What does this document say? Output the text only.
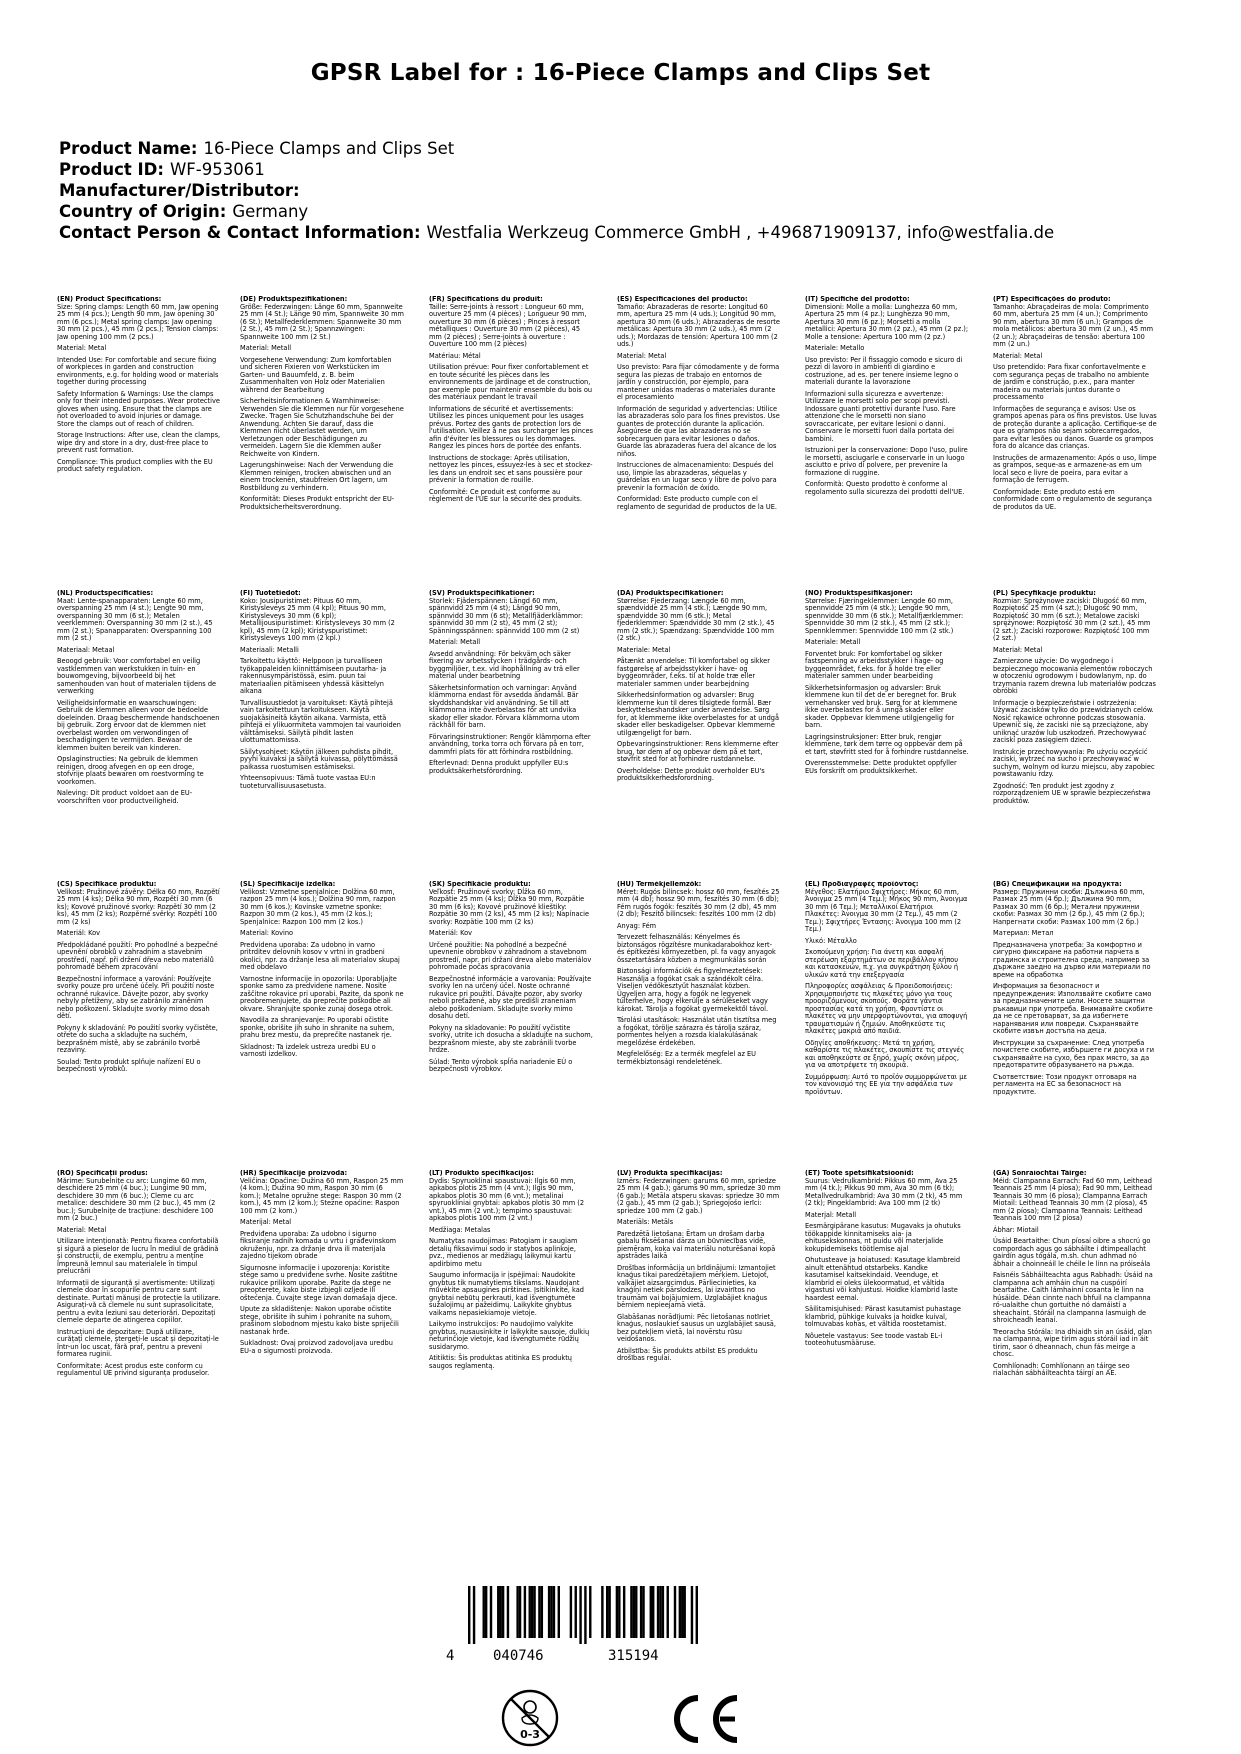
GPSR Label for : 16-Piece Clamps and Clips Set
Product Name: 16-Piece Clamps and Clips Set
Product ID: WF-953061
Manufacturer/Distributor:
Country of Origin: Germany
Contact Person & Contact Information: Westfalia Werkzeug Commerce GmbH , +496871909137, info@westfalia.de
(EN) Product Specifications:

Size: Spring clamps: Length 60 mm, Jaw opening 25 mm (4 pcs.); Length 90 mm, Jaw opening 30 mm (6 pcs.); Metal spring clamps: Jaw opening 30 mm (2 pcs.), 45 mm (2 pcs.); Tension clamps: Jaw opening 100 mm (2 pcs.)

Material: Metal

Intended Use: For comfortable and secure fixing of workpieces in garden and construction environments, e.g. for holding wood or materials together during processing

Safety Information & Warnings: Use the clamps only for their intended purposes. Wear protective gloves when using. Ensure that the clamps are not overloaded to avoid injuries or damage. Store the clamps out of reach of children.

Storage Instructions: After use, clean the clamps, wipe dry and store in a dry, dust-free place to prevent rust formation.

Compliance: This product complies with the EU product safety regulation.

(DE) Produktspezifikationen:

Größe: Federzwingen: Länge 60 mm, Spannweite 25 mm (4 St.); Länge 90 mm, Spannweite 30 mm (6 St.); Metallfederklemmen: Spannweite 30 mm (2 St.), 45 mm (2 St.); Spannzwingen: Spannweite 100 mm (2 St.)

Material: Metall

Vorgesehene Verwendung: Zum komfortablen und sicheren Fixieren von Werkstücken im Garten- und Bauumfeld, z. B. beim Zusammenhalten von Holz oder Materialien während der Bearbeitung

Sicherheitsinformationen & Warnhinweise: Verwenden Sie die Klemmen nur für vorgesehene Zwecke. Tragen Sie Schutzhandschuhe bei der Anwendung. Achten Sie darauf, dass die Klemmen nicht überlastet werden, um Verletzungen oder Beschädigungen zu vermeiden. Lagern Sie die Klemmen außer Reichweite von Kindern.

Lagerungshinweise: Nach der Verwendung die Klemmen reinigen, trocken abwischen und an einem trockenen, staubfreien Ort lagern, um Rostbildung zu verhindern.

Konformität: Dieses Produkt entspricht der EU-Produktsicherheitsverordnung.

(FR) Spécifications du produit:

Taille: Serre-joints à ressort : Longueur 60 mm, ouverture 25 mm (4 pièces) ; Longueur 90 mm, ouverture 30 mm (6 pièces) ; Pinces à ressort métalliques : Ouverture 30 mm (2 pièces), 45 mm (2 pièces) ; Serre-joints à ouverture : Ouverture 100 mm (2 pièces)

Matériau: Métal

Utilisation prévue: Pour fixer confortablement et en toute sécurité les pièces dans les environnements de jardinage et de construction, par exemple pour maintenir ensemble du bois ou des matériaux pendant le travail

Informations de sécurité et avertissements: Utilisez les pinces uniquement pour les usages prévus. Portez des gants de protection lors de l'utilisation. Veillez à ne pas surcharger les pinces afin d'éviter les blessures ou les dommages. Rangez les pinces hors de portée des enfants.

Instructions de stockage: Après utilisation, nettoyez les pinces, essuyez-les à sec et stockez-les dans un endroit sec et sans poussière pour prévenir la formation de rouille.

Conformité: Ce produit est conforme au règlement de l'UE sur la sécurité des produits.

(ES) Especificaciones del producto:

Tamaño: Abrazaderas de resorte: Longitud 60 mm, apertura 25 mm (4 uds.); Longitud 90 mm, apertura 30 mm (6 uds.); Abrazaderas de resorte metálicas: Apertura 30 mm (2 uds.), 45 mm (2 uds.); Mordazas de tensión: Apertura 100 mm (2 uds.)

Material: Metal

Uso previsto: Para fijar cómodamente y de forma segura las piezas de trabajo en entornos de jardín y construcción, por ejemplo, para mantener unidas maderas o materiales durante el procesamiento

Información de seguridad y advertencias: Utilice las abrazaderas solo para los fines previstos. Use guantes de protección durante la aplicación. Asegúrese de que las abrazaderas no se sobrecarguen para evitar lesiones o daños. Guarde las abrazaderas fuera del alcance de los niños.

Instrucciones de almacenamiento: Después del uso, limpie las abrazaderas, séquelas y guárdelas en un lugar seco y libre de polvo para prevenir la formación de óxido.

Conformidad: Este producto cumple con el reglamento de seguridad de productos de la UE.

(IT) Specifiche del prodotto:

Dimensioni: Molle a molla: Lunghezza 60 mm, Apertura 25 mm (4 pz.); Lunghezza 90 mm, Apertura 30 mm (6 pz.); Morsetti a molla metallici: Apertura 30 mm (2 pz.), 45 mm (2 pz.); Molle a tensione: Apertura 100 mm (2 pz.)

Materiale: Metallo

Uso previsto: Per il fissaggio comodo e sicuro di pezzi di lavoro in ambienti di giardino e costruzione, ad es. per tenere insieme legno o materiali durante la lavorazione

Informazioni sulla sicurezza e avvertenze: Utilizzare le morsetti solo per scopi previsti. Indossare guanti protettivi durante l'uso. Fare attenzione che le morsetti non siano sovraccaricate, per evitare lesioni o danni. Conservare le morsetti fuori dalla portata dei bambini.

Istruzioni per la conservazione: Dopo l'uso, pulire le morsetti, asciugarle e conservarle in un luogo asciutto e privo di polvere, per prevenire la formazione di ruggine.

Conformità: Questo prodotto è conforme al regolamento sulla sicurezza dei prodotti dell'UE.

(PT) Especificações do produto:

Tamanho: Abraçadeiras de mola: Comprimento 60 mm, abertura 25 mm (4 un.); Comprimento 90 mm, abertura 30 mm (6 un.); Grampos de mola metálicos: abertura 30 mm (2 un.), 45 mm (2 un.); Abraçadeiras de tensão: abertura 100 mm (2 un.)

Material: Metal

Uso pretendido: Para fixar confortavelmente e com segurança peças de trabalho no ambiente de jardim e construção, p.ex., para manter madeira ou materiais juntos durante o processamento

Informações de segurança e avisos: Use os grampos apenas para os fins previstos. Use luvas de proteção durante a aplicação. Certifique-se de que os grampos não sejam sobrecarregados, para evitar lesões ou danos. Guarde os grampos fora do alcance das crianças.

Instruções de armazenamento: Após o uso, limpe as grampos, seque-as e armazene-as em um local seco e livre de poeira, para evitar a formação de ferrugem.

Conformidade: Este produto está em conformidade com o regulamento de segurança de produtos da UE.

(NL) Productspecificaties:

Maat: Lente-spanapparaten: Lengte 60 mm, overspanning 25 mm (4 st.); Lengte 90 mm, overspanning 30 mm (6 st.); Metalen veerklemmen: Overspanning 30 mm (2 st.), 45 mm (2 st.); Spanapparaten: Overspanning 100 mm (2 st.)

Materiaal: Metaal

Beoogd gebruik: Voor comfortabel en veilig vastklemmen van werkstukken in tuin- en bouwomgeving, bijvoorbeeld bij het samenhouden van hout of materialen tijdens de verwerking

Veiligheidsinformatie en waarschuwingen: Gebruik de klemmen alleen voor de bedoelde doeleinden. Draag beschermende handschoenen bij gebruik. Zorg ervoor dat de klemmen niet overbelast worden om verwondingen of beschadigingen te vermijden. Bewaar de klemmen buiten bereik van kinderen.

Opslaginstructies: Na gebruik de klemmen reinigen, droog afvegen en op een droge, stofvrije plaats bewaren om roestvorming te voorkomen.

Naleving: Dit product voldoet aan de EU-voorschriften voor productveiligheid.

(FI) Tuotetiedot:

Koko: Jousipuristimet: Pituus 60 mm, Kiristysleveys 25 mm (4 kpl); Pituus 90 mm, Kiristysleveys 30 mm (6 kpl); Metallijousipuristimet: Kiristysleveys 30 mm (2 kpl), 45 mm (2 kpl); Kiristyspuristimet: Kiristysleveys 100 mm (2 kpl.)

Materiaali: Metalli

Tarkoitettu käyttö: Helppoon ja turvalliseen työkappaleiden kiinnittämiseen puutarha- ja rakennusympäristössä, esim. puun tai materiaalien pitämiseen yhdessä käsittelyn aikana

Turvallisuustiedot ja varoitukset: Käytä pihtejä vain tarkoitettuun tarkoitukseen. Käytä suojakäsineitä käytön aikana. Varmista, että pihtejä ei ylikuormiteta vammojen tai vaurioiden välttämiseksi. Säilytä pihdit lasten ulottumattomissa.

Säilytysohjeet: Käytön jälkeen puhdista pihdit, pyyhi kuivaksi ja säilytä kuivassa, pölyttömässä paikassa ruostumisen estämiseksi.

Yhteensopivuus: Tämä tuote vastaa EU:n tuoteturvallisuusasetusta.

(SV) Produktspecifikationer:

Storlek: Fjäderspännen: Längd 60 mm, spännvidd 25 mm (4 st); Längd 90 mm, spännvidd 30 mm (6 st); Metallfjäderklämmor: spännvidd 30 mm (2 st), 45 mm (2 st); Spänningsspännen: spännvidd 100 mm (2 st)

Material: Metall

Avsedd användning: För bekväm och säker fixering av arbetsstycken i trädgårds- och byggmiljöer, t.ex. vid ihophållning av trä eller material under bearbetning

Säkerhetsinformation och varningar: Använd klämmorna endast för avsedda ändamål. Bär skyddshandskar vid användning. Se till att klämmorna inte överbelastas för att undvika skador eller skador. Förvara klämmorna utom räckhåll för barn.

Förvaringsinstruktioner: Rengör klämmorna efter användning, torka torra och förvara på en torr, dammfri plats för att förhindra rostbildning.

Efterlevnad: Denna produkt uppfyller EU:s produktsäkerhetsförordning.

(DA) Produktspecifikationer:

Størrelse: Fjederzang: Længde 60 mm, spændvidde 25 mm (4 stk.); Længde 90 mm, spændvidde 30 mm (6 stk.); Metal fjederklemmer: Spændvidde 30 mm (2 stk.), 45 mm (2 stk.); Spændzang: Spændvidde 100 mm (2 stk.)

Materiale: Metal

Påtænkt anvendelse: Til komfortabel og sikker fastgørelse af arbejdsstykker i have- og byggeområder, f.eks. til at holde træ eller materialer sammen under bearbejdning

Sikkerhedsinformation og advarsler: Brug klemmerne kun til deres tilsigtede formål. Bær beskyttelseshandsker under anvendelse. Sørg for, at klemmerne ikke overbelastes for at undgå skader eller beskadigelser. Opbevar klemmerne utilgængeligt for børn.

Opbevaringsinstruktioner: Rens klemmerne efter brug, tør dem af og opbevar dem på et tørt, støvfrit sted for at forhindre rustdannelse.

Overholdelse: Dette produkt overholder EU's produktsikkerhedsforordning.

(NO) Produktspesifikasjoner:

Størrelse: Fjæringeklemmer: Lengde 60 mm, spennvidde 25 mm (4 stk.); Lengde 90 mm, spennvidde 30 mm (6 stk.); Metallfjærklemmer: Spennvidde 30 mm (2 stk.), 45 mm (2 stk.); Spennklemmer: Spennvidde 100 mm (2 stk.)

Materiale: Metall

Forventet bruk: For komfortabel og sikker fastspenning av arbeidsstykker i hage- og byggeområdet, f.eks. for å holde tre eller materialer sammen under bearbeiding

Sikkerhetsinformasjon og advarsler: Bruk klemmene kun til det de er beregnet for. Bruk vernehansker ved bruk. Sørg for at klemmene ikke overbelastes for å unngå skader eller skader. Oppbevar klemmene utilgjengelig for barn.

Lagringsinstruksjoner: Etter bruk, rengjør klemmene, tørk dem tørre og oppbevar dem på et tørt, støvfritt sted for å forhindre rustdannelse.

Overensstemmelse: Dette produktet oppfyller EUs forskrift om produktsikkerhet.

(PL) Specyfikacje produktu:

Rozmiar: Sprężynowe zaciski: Długość 60 mm, Rozpiętość 25 mm (4 szt.); Długość 90 mm, Rozpiętość 30 mm (6 szt.); Metalowe zaciski sprężynowe: Rozpiętość 30 mm (2 szt.), 45 mm (2 szt.); Zaciski rozporowe: Rozpiętość 100 mm (2 szt.)

Materiał: Metal

Zamierzone użycie: Do wygodnego i bezpiecznego mocowania elementów roboczych w otoczeniu ogrodowym i budowlanym, np. do trzymania razem drewna lub materiałów podczas obróbki

Informacje o bezpieczeństwie i ostrzeżenia: Używać zacisków tylko do przewidzianych celów. Nosić rękawice ochronne podczas stosowania. Upewnić się, że zaciski nie są przeciążone, aby uniknąć urazów lub uszkodzeń. Przechowywać zaciski poza zasięgiem dzieci.

Instrukcje przechowywania: Po użyciu oczyścić zaciski, wytrzeć na sucho i przechowywać w suchym, wolnym od kurzu miejscu, aby zapobiec powstawaniu rdzy.

Zgodność: Ten produkt jest zgodny z rozporządzeniem UE w sprawie bezpieczeństwa produktów.

(CS) Specifikace produktu:

Velikost: Pružinové závěry: Délka 60 mm, Rozpětí 25 mm (4 ks); Délka 90 mm, Rozpětí 30 mm (6 ks); Kovové pružinové svorky: Rozpětí 30 mm (2 ks), 45 mm (2 ks); Rozpěrné svěrky: Rozpětí 100 mm (2 ks)

Materiál: Kov

Předpokládané použití: Pro pohodlné a bezpečné upevnění obrobků v zahradním a stavebním prostředí, např. při držení dřeva nebo materiálů pohromadě během zpracování

Bezpečnostní informace a varování: Používejte svorky pouze pro určené účely. Při použití noste ochranné rukavice. Dávejte pozor, aby svorky nebyly přetíženy, aby se zabránilo zraněním nebo poškození. Skladujte svorky mimo dosah dětí.

Pokyny k skladování: Po použití svorky vyčistěte, otřete do sucha a skladujte na suchém, bezprašném místě, aby se zabránilo tvorbě rezaviny.

Soulad: Tento produkt splňuje nařízení EU o bezpečnosti výrobků.

(SL) Specifikacije izdelka:

Velikost: Vzmetne spenjalnice: Dolžina 60 mm, razpon 25 mm (4 kos.); Dolžina 90 mm, razpon 30 mm (6 kos.); Kovinske vzmetne sponke: Razpon 30 mm (2 kos.), 45 mm (2 kos.); Spenjalnice: Razpon 100 mm (2 kos.)

Material: Kovino

Predvidena uporaba: Za udobno in varno pritrditev delovnih kosov v vrtni in gradbeni okolici, npr. za držanje lesa ali materialov skupaj med obdelavo

Varnostne informacije in opozorila: Uporabljajte sponke samo za predvidene namene. Nosite zaščitne rokavice pri uporabi. Pazite, da sponk ne preobremenjujete, da preprečite poškodbe ali okvare. Shranjujte sponke zunaj dosega otrok.

Navodila za shranjevanje: Po uporabi očistite sponke, obrišite jih suho in shranite na suhem, prahu brez mestu, da preprečite nastanek rje.

Skladnost: Ta izdelek ustreza uredbi EU o varnosti izdelkov.

(SK) Špecifikácie produktu:

Veľkosť: Pružinové svorky: Dĺžka 60 mm, Rozpätie 25 mm (4 ks); Dĺžka 90 mm, Rozpätie 30 mm (6 ks); Kovové pružinové klieštiky: Rozpätie 30 mm (2 ks), 45 mm (2 ks); Napínacie svorky: Rozpätie 100 mm (2 ks)

Materiál: Kov

Určené použitie: Na pohodlné a bezpečné upevnenie obrobkov v záhradnom a stavebnom prostredí, napr. pri držaní dreva alebo materiálov pohromade počas spracovania

Bezpečnostné informácie a varovania: Používajte svorky len na určený účel. Noste ochranné rukavice pri použití. Dávajte pozor, aby svorky neboli preťažené, aby ste predišli zraneniam alebo poškodeniam. Skladujte svorky mimo dosahu detí.

Pokyny na skladovanie: Po použití vyčistite svorky, utrite ich dosucha a skladujte na suchom, bezprašnom mieste, aby ste zabránili tvorbe hrdze.

Súlad: Tento výrobok spĺňa nariadenie EÚ o bezpečnosti výrobkov.

(HU) Termékjellemzők:

Méret: Rugós bilincsek: hossz 60 mm, feszítés 25 mm (4 db); hossz 90 mm, feszítés 30 mm (6 db); Fém rugós fogók: feszítés 30 mm (2 db), 45 mm (2 db); Feszítő bilincsek: feszítés 100 mm (2 db)

Anyag: Fém

Tervezett felhasználás: Kényelmes és biztonságos rögzítésre munkadarabokhoz kert- és építkezési környezetben, pl. fa vagy anyagok összetartására közben a megmunkálás során

Biztonsági információk és figyelmeztetések: Használja a fogókat csak a szándékolt célra. Viseljen védőkesztyűt használat közben. Ügyeljen arra, hogy a fogók ne legyenek túlterhelve, hogy elkerülje a sérüléseket vagy károkat. Tárolja a fogókat gyermekektől távol.

Tárolási utasítások: Használat után tisztítsa meg a fogókat, törölje szárazra és tárolja száraz, pormentes helyen a rozsda kialakulásának megelőzése érdekében.

Megfelelőség: Ez a termék megfelel az EU termékbiztonsági rendeletének.

(EL) Προδιαγραφές προϊόντος:

Μέγεθος: Ελατήριο Σφιχτήρες: Μήκος 60 mm, Άνοιγμα 25 mm (4 Τεμ.); Μήκος 90 mm, Άνοιγμα 30 mm (6 Τεμ.); Μεταλλικοί Ελατήριοι Πλακέτες: Άνοιγμα 30 mm (2 Τεμ.), 45 mm (2 Τεμ.); Σφιχτήρες Έντασης: Άνοιγμα 100 mm (2 Τεμ.)

Υλικό: Μέταλλο

Σκοπούμενη χρήση: Για άνετη και ασφαλή στερέωση εξαρτημάτων σε περιβάλλον κήπου και κατασκευών, π.χ. για συγκράτηση ξύλου ή υλικών κατά την επεξεργασία

Πληροφορίες ασφάλειας & Προειδοποιήσεις: Χρησιμοποιήστε τις πλακέτες μόνο για τους προοριζόμενους σκοπούς. Φοράτε γάντια προστασίας κατά τη χρήση. Φροντίστε οι πλακέτες να μην υπερφορτώνονται, για αποφυγή τραυματισμών ή ζημιών. Αποθηκεύστε τις πλακέτες μακριά από παιδιά.

Οδηγίες αποθήκευσης: Μετά τη χρήση, καθαρίστε τις πλακέτες, σκουπίστε τις στεγνές και αποθηκεύστε σε ξηρό, χωρίς σκόνη μέρος, για να αποτρέψετε τη σκουριά.

Συμμόρφωση: Αυτό το προϊόν συμμορφώνεται με τον κανονισμό της ΕΕ για την ασφάλεια των προϊόντων.

(BG) Спецификации на продукта:

Размер: Пружинни скоби: Дължина 60 mm, Размах 25 mm (4 бр.); Дължина 90 mm, Размах 30 mm (6 бр.); Метални пружинни скоби: Размах 30 mm (2 бр.), 45 mm (2 бр.); Напрегнати скоби: Размах 100 mm (2 бр.)

Материал: Метал

Предназначена употреба: За комфортно и сигурно фиксиране на работни парчета в градинска и строителна среда, например за държане заедно на дърво или материали по време на обработка

Информация за безопасност и предупреждения: Използвайте скобите само за предназначените цели. Носете защитни ръкавици при употреба. Внимавайте скобите да не се претоварват, за да избегнете наранявания или повреди. Съхранявайте скобите извън достъпа на деца.

Инструкции за съхранение: След употреба почистете скобите, избършете ги досуха и ги съхранявайте на сухо, без прах място, за да предотвратите образуването на ръжда.

Съответствие: Този продукт отговаря на регламента на ЕС за безопасност на продуктите.

(RO) Specificații produs:

Mărime: Surubelnițe cu arc: Lungime 60 mm, deschidere 25 mm (4 buc.); Lungime 90 mm, deschidere 30 mm (6 buc.); Cleme cu arc metalice: deschidere 30 mm (2 buc.), 45 mm (2 buc.); Surubelnițe de tracțiune: deschidere 100 mm (2 buc.)

Material: Metal

Utilizare intenționată: Pentru fixarea confortabilă și sigură a pieselor de lucru în mediul de grădină și construcții, de exemplu, pentru a menține împreună lemnul sau materialele în timpul prelucrării

Informații de siguranță și avertismente: Utilizați clemele doar în scopurile pentru care sunt destinate. Purtați mănuși de protecție la utilizare. Asigurați-vă că clemele nu sunt suprasolicitate, pentru a evita leziuni sau deteriorări. Depozitați clemele departe de atingerea copiilor.

Instrucțiuni de depozitare: După utilizare, curățați clemele, ștergeți-le uscat și depozitați-le într-un loc uscat, fără praf, pentru a preveni formarea ruginii.

Conformitate: Acest produs este conform cu regulamentul UE privind siguranța produselor.

(HR) Specifikacije proizvoda:

Veličina: Opaćine: Dužina 60 mm, Raspon 25 mm (4 kom.); Dužina 90 mm, Raspon 30 mm (6 kom.); Metalne opružne stege: Raspon 30 mm (2 kom.), 45 mm (2 kom.); Stezne opaćine: Raspon 100 mm (2 kom.)

Materijal: Metal

Predviđena uporaba: Za udobno i sigurno fiksiranje radnih komada u vrtu i građevinskom okruženju, npr. za držanje drva ili materijala zajedno tijekom obrade

Sigurnosne informacije i upozorenja: Koristite stege samo u predviđene svrhe. Nosite zaštitne rukavice prilikom uporabe. Pazite da stege ne preopterete, kako biste izbjegli ozljede ili oštećenja. Čuvajte stege izvan domašaja djece.

Upute za skladištenje: Nakon uporabe očistite stege, obrišite ih suhim i pohranite na suhom, prašinom slobodnom mjestu kako biste spriječili nastanak hrđe.

Sukladnost: Ovaj proizvod zadovoljava uredbu EU-a o sigurnosti proizvoda.

(LT) Produkto specifikacijos:

Dydis: Spyruoklinai spaustuvai: Ilgis 60 mm, apkabos plotis 25 mm (4 vnt.); Ilgis 90 mm, apkabos plotis 30 mm (6 vnt.); metalinai spyruokliniai gnybtai: apkabos plotis 30 mm (2 vnt.), 45 mm (2 vnt.); tempimo spaustuvai: apkabos plotis 100 mm (2 vnt.)

Medžiaga: Metalas

Numatytas naudojimas: Patogiam ir saugiam detalių fiksavimui sodo ir statybos aplinkoje, pvz., medienos ar medžiagų laikymui kartu apdirbimo metu

Saugumo informacija ir įspėjimai: Naudokite gnybtus tik numatytiems tikslams. Naudojant mūvėkite apsaugines pirštines. Įsitikinkite, kad gnybtai nebūtų perkrauti, kad išvengtumėte sužalojimų ar pažeidimų. Laikykite gnybtus vaikams nepasiekiamoje vietoje.

Laikymo instrukcijos: Po naudojimo valykite gnybtus, nusausinkite ir laikykite sausoje, dulkių neturinčioje vietoje, kad išvengtumėte rūdžių susidarymo.

Atitiktis: Šis produktas atitinka ES produktų saugos reglamentą.

(LV) Produkta specifikācijas:

Izmērs: Federzwingen: garums 60 mm, spriedze 25 mm (4 gab.); garums 90 mm, spriedze 30 mm (6 gab.); Metāla atsperu skavas: spriedze 30 mm (2 gab.), 45 mm (2 gab.); Spriegojošo ierīci: spriedze 100 mm (2 gab.)

Materiāls: Metāls

Paredzētā lietošana: Ērtam un drošam darba gabalu fiksēšanai dārza un būvniecības vidē, piemēram, koka vai materiālu noturēšanai kopā apstrādes laikā

Drošības informācija un brīdinājumi: Izmantojiet knaģus tikai paredzētajiem mērķiem. Lietojot, valkājiet aizsargcimdus. Pārliecinieties, ka knaģiņi netiek pārslodzes, lai izvairītos no traumām vai bojājumiem. Uzglabājiet knaģus bērniem nepieejamā vietā.

Glabāšanas norādījumi: Pēc lietošanas notīriet knaģus, noslaukiet sausus un uzglabājiet sausā, bez putekļiem vietā, lai novērstu rūsu veidošanos.

Atbilstība: Šis produkts atbilst ES produktu drošības regulai.

(ET) Toote spetsifikatsioonid:

Suurus: Vedrulkambrid: Pikkus 60 mm, Ava 25 mm (4 tk.); Pikkus 90 mm, Ava 30 mm (6 tk); Metallvedrulkambrid: Ava 30 mm (2 tk), 45 mm (2 tk); Pingeklambrid: Ava 100 mm (2 tk)

Materjal: Metall

Eesmärgipärane kasutus: Mugavaks ja ohutuks töökappide kinnitamiseks aia- ja ehitusekskonnas, nt puidu või materjalide kokupidemiseks töötlemise ajal

Ohutusteave ja hoiatused: Kasutage klambreid ainult ettenähtud otstarbeks. Kandke kasutamisel kaitsekindaid. Veenduge, et klambrid ei oleks ülekoormatud, et vältida vigastusi või kahjustusi. Hoidke klambrid laste haardest eemal.

Säilitamisjuhised: Pärast kasutamist puhastage klambrid, pühkige kuivaks ja hoidke kuival, tolmuvabas kohas, et vältida roostetamist.

Nõuetele vastavus: See toode vastab EL-i tooteohutusmääruse.

(GA) Sonraíochtaí Táirge:

Méid: Clampanna Earrach: Fad 60 mm, Leithead Teannais 25 mm (4 píosa); Fad 90 mm, Leithead Teannais 30 mm (6 píosa); Clampanna Earrach Miotail: Leithead Teannais 30 mm (2 píosa), 45 mm (2 píosa); Clampanna Teannais: Leithead Teannais 100 mm (2 píosa)

Ábhar: Miotail

Úsáid Beartaithe: Chun píosaí oibre a shocrú go compordach agus go sábháilte i dtimpeallacht gairdín agus tógála, m.sh. chun adhmad nó ábhair a choinneáil le chéile le linn na próiseála

Faisnéis Sábháilteachta agus Rabhadh: Úsáid na clampanna ach amháin chun na cuspóirí beartaithe. Caith lámhainní cosanta le linn na húsáide. Déan cinnte nach bhfuil na clampanna ró-ualaithe chun gortuithe nó damáistí a sheachaint. Stóráil na clampanna lasmuigh de shroicheadh leanaí.

Treoracha Stórála: Ina dhiaidh sin an úsáid, glan na clampanna, wipe tirim agus stóráil iad in áit tirim, saor ó dheannach, chun fás meirge a chosc.

Comhlíonadh: Comhlíonann an táirge seo rialachán sábháilteachta táirgí an AE.

4	040746	315194
0-3
